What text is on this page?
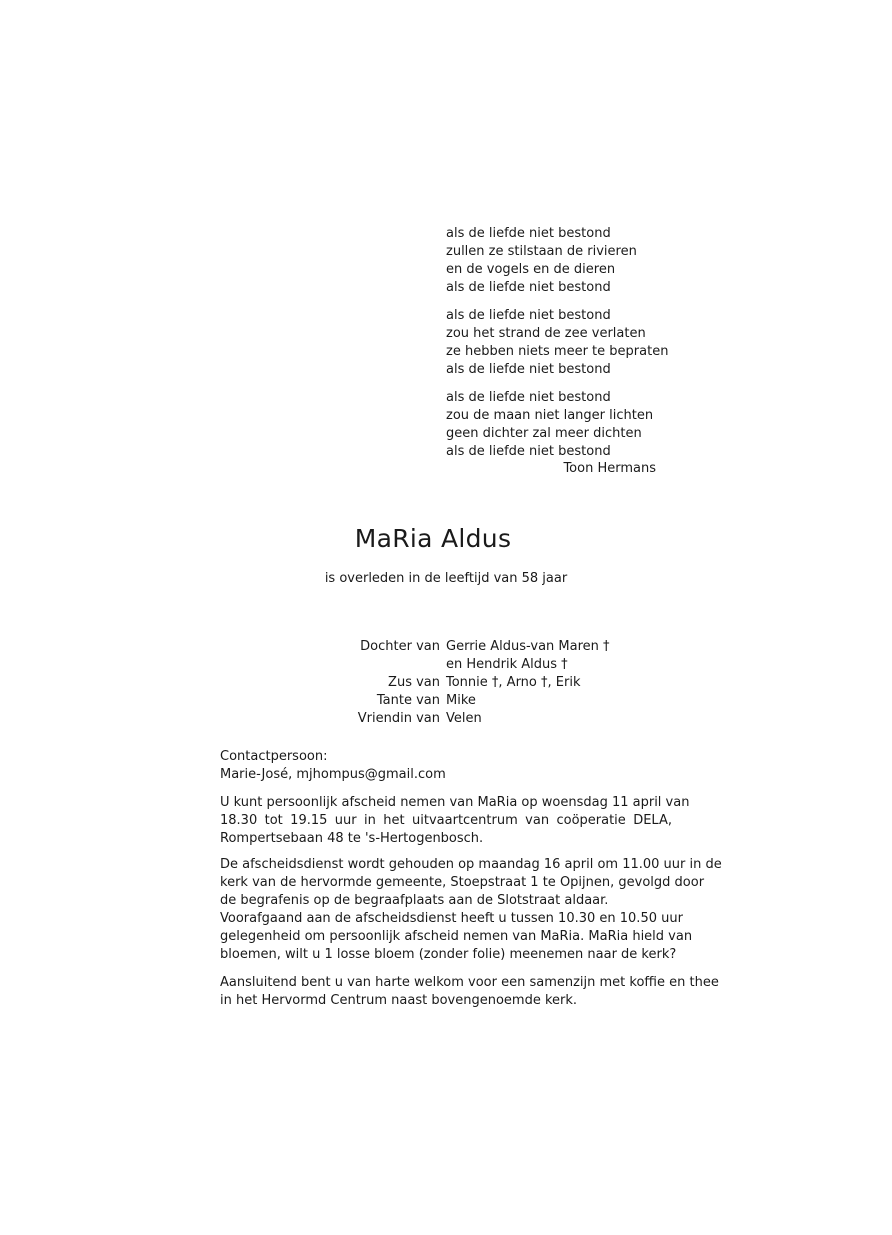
als de liefde niet bestond
zullen ze stilstaan de rivieren
en de vogels en de dieren
als de liefde niet bestond
als de liefde niet bestond
zou het strand de zee verlaten
ze hebben niets meer te bepraten
als de liefde niet bestond
als de liefde niet bestond
zou de maan niet langer lichten
geen dichter zal meer dichten
als de liefde niet bestond
Toon Hermans
MaRia Aldus
is overleden in de leeftijd van 58 jaar
Dochter van Gerrie Aldus-van Maren †
en Hendrik Aldus †
Zus van Tonnie †, Arno †, Erik
Tante van Mike
Vriendin van Velen
Contactpersoon:
Marie-José, mjhompus@gmail.com
U kunt persoonlijk afscheid nemen van MaRia op woensdag 11 april van
18.30 tot 19.15 uur in het uitvaartcentrum van coöperatie DELA,
Rompertsebaan 48 te 's-Hertogenbosch.
De afscheidsdienst wordt gehouden op maandag 16 april om 11.00 uur in de
kerk van de hervormde gemeente, Stoepstraat 1 te Opijnen, gevolgd door
de begrafenis op de begraafplaats aan de Slotstraat aldaar.
Voorafgaand aan de afscheidsdienst heeft u tussen 10.30 en 10.50 uur
gelegenheid om persoonlijk afscheid nemen van MaRia. MaRia hield van
bloemen, wilt u 1 losse bloem (zonder folie) meenemen naar de kerk?
Aansluitend bent u van harte welkom voor een samenzijn met koffie en thee
in het Hervormd Centrum naast bovengenoemde kerk.
